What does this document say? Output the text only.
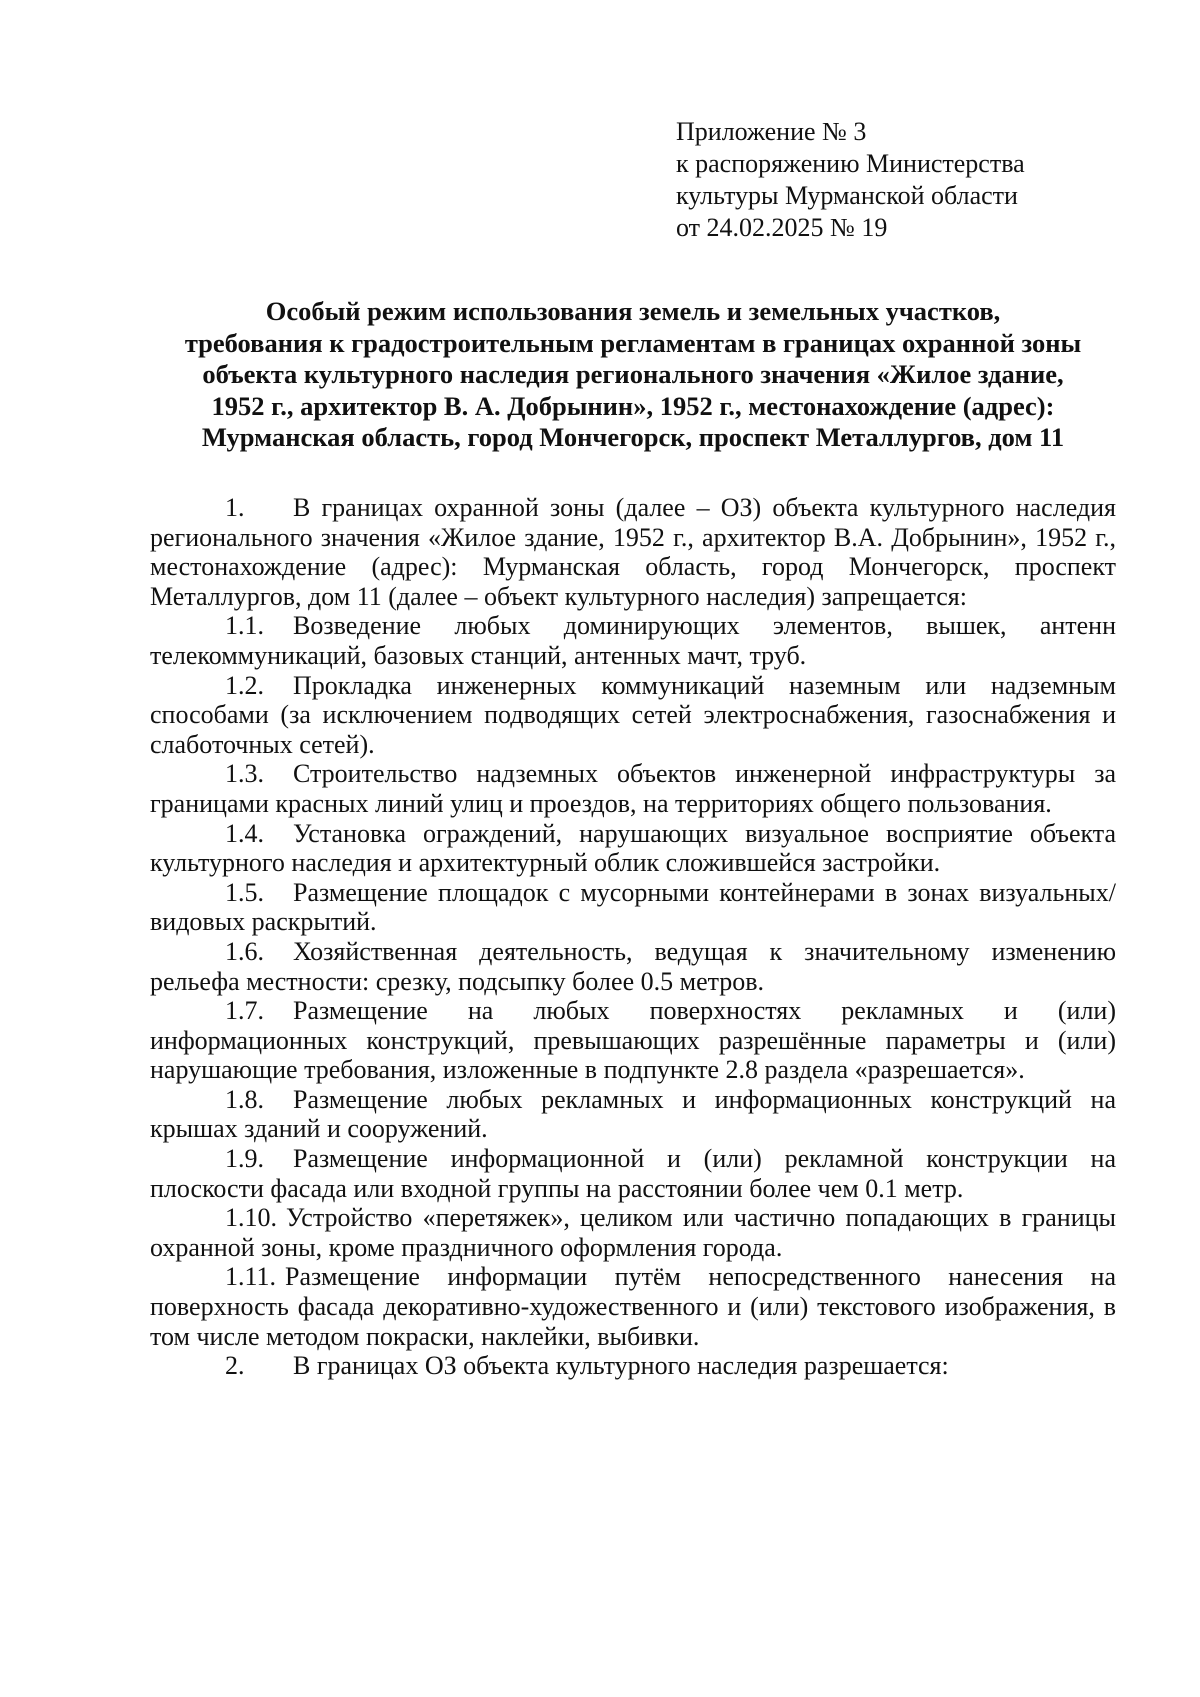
Приложение № 3
к распоряжению Министерства
культуры Мурманской области
от 24.02.2025 № 19
Особый режим использования земель и земельных участков,
требования к градостроительным регламентам в границах охранной зоны
объекта культурного наследия регионального значения «Жилое здание,
1952 г., архитектор В. А. Добрынин», 1952 г., местонахождение (адрес):
Мурманская область, город Мончегорск, проспект Металлургов, дом 11
1. В границах охранной зоны (далее – ОЗ) объекта культурного наследия регионального значения «Жилое здание, 1952 г., архитектор В.А. Добрынин», 1952 г., местонахождение (адрес): Мурманская область, город Мончегорск, проспект Металлургов, дом 11 (далее – объект культурного наследия) запрещается:
1.1. Возведение любых доминирующих элементов, вышек, антенн телекоммуникаций, базовых станций, антенных мачт, труб.
1.2. Прокладка инженерных коммуникаций наземным или надземным способами (за исключением подводящих сетей электроснабжения, газоснабжения и слаботочных сетей).
1.3. Строительство надземных объектов инженерной инфраструктуры за границами красных линий улиц и проездов, на территориях общего пользования.
1.4. Установка ограждений, нарушающих визуальное восприятие объекта культурного наследия и архитектурный облик сложившейся застройки.
1.5. Размещение площадок с мусорными контейнерами в зонах визуальных/видовых раскрытий.
1.6. Хозяйственная деятельность, ведущая к значительному изменению рельефа местности: срезку, подсыпку более 0.5 метров.
1.7. Размещение на любых поверхностях рекламных и (или) информационных конструкций, превышающих разрешённые параметры и (или) нарушающие требования, изложенные в подпункте 2.8 раздела «разрешается».
1.8. Размещение любых рекламных и информационных конструкций на крышах зданий и сооружений.
1.9. Размещение информационной и (или) рекламной конструкции на плоскости фасада или входной группы на расстоянии более чем 0.1 метр.
1.10. Устройство «перетяжек», целиком или частично попадающих в границы охранной зоны, кроме праздничного оформления города.
1.11. Размещение информации путём непосредственного нанесения на поверхность фасада декоративно-художественного и (или) текстового изображения, в том числе методом покраски, наклейки, выбивки.
2. В границах ОЗ объекта культурного наследия разрешается:
